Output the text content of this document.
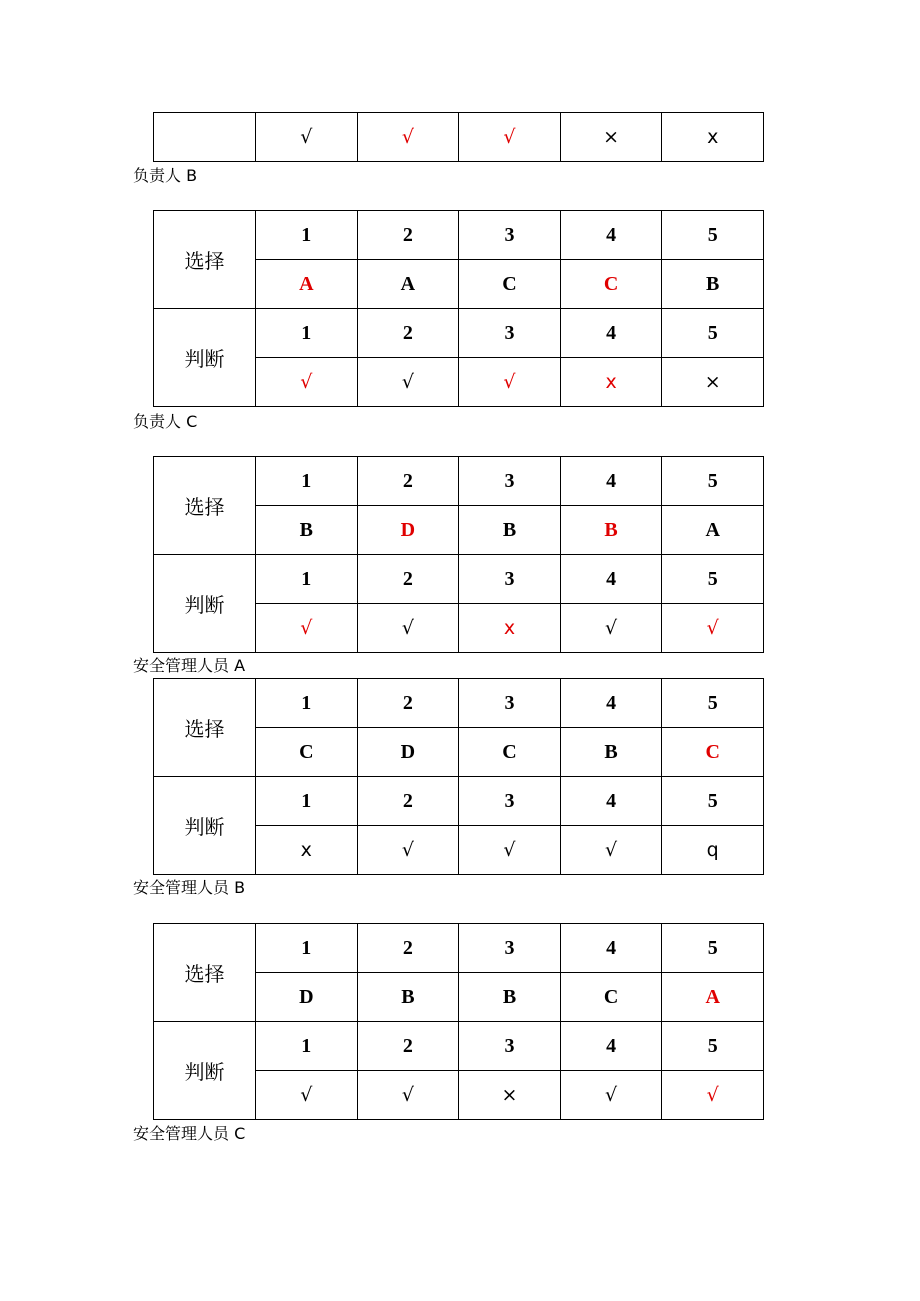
	√	√	√	×	x
负责人 B
选择	1	2	3	4	5
	A	A	C	C	B
判断	1	2	3	4	5
	√	√	√	x	×
负责人 C
选择	1	2	3	4	5
	B	D	B	B	A
判断	1	2	3	4	5
	√	√	x	√	√
安全管理人员 A
选择	1	2	3	4	5
	C	D	C	B	C
判断	1	2	3	4	5
	x	√	√	√	q
安全管理人员 B
选择	1	2	3	4	5
	D	B	B	C	A
判断	1	2	3	4	5
	√	√	×	√	√
安全管理人员 C
